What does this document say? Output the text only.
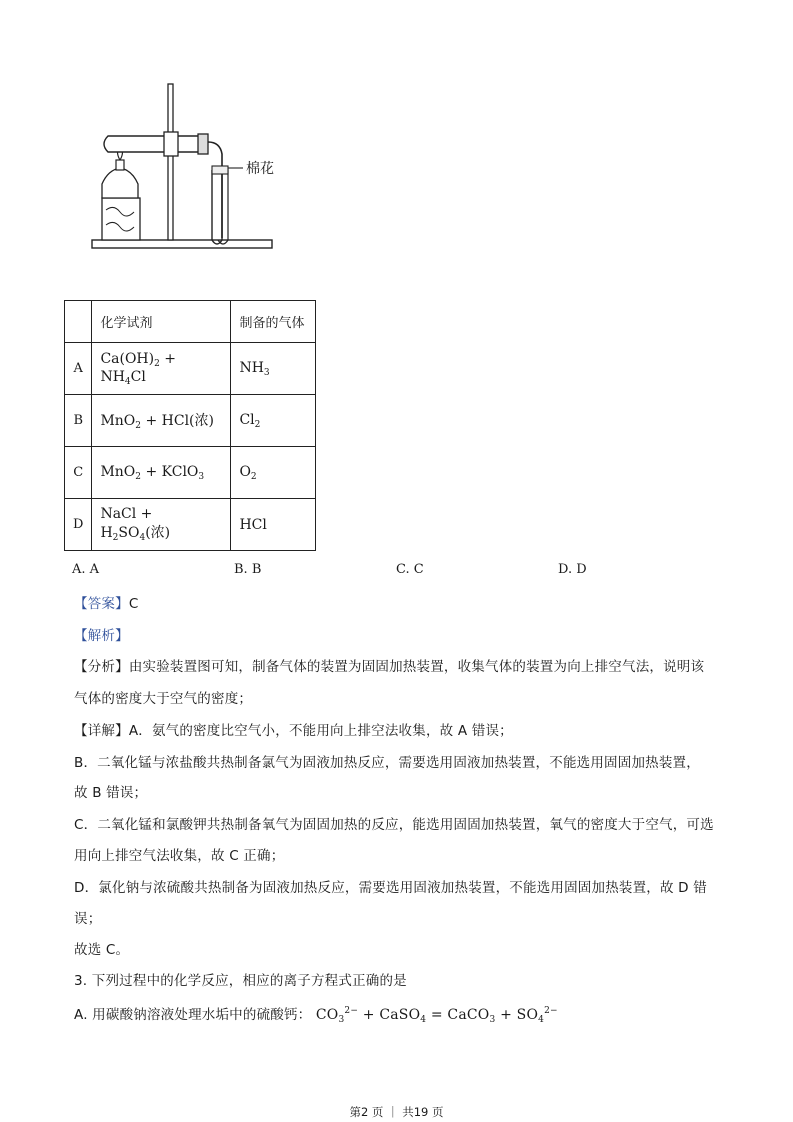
棉花
	化学试剂	制备的气体
A	$Ca(OH)_2 + NH_4Cl$	$NH_3$
B	MnO$_2$ + HCl(浓)	$Cl_2$
C	MnO$_2$ + KClO$_3$	$O_2$
D	NaCl + $H_2SO_4$(浓)	HCl
A. A	B. B	C. C	D. D
【答案】C
【解析】
【分析】由实验装置图可知，制备气体的装置为固固加热装置，收集气体的装置为向上排空气法，说明该
气体的密度大于空气的密度；
【详解】A．氨气的密度比空气小，不能用向上排空法收集，故 A 错误；
B．二氧化锰与浓盐酸共热制备氯气为固液加热反应，需要选用固液加热装置，不能选用固固加热装置，
故 B 错误；
C．二氧化锰和氯酸钾共热制备氧气为固固加热的反应，能选用固固加热装置，氧气的密度大于空气，可选
用向上排空气法收集，故 C 正确；
D．氯化钠与浓硫酸共热制备为固液加热反应，需要选用固液加热装置，不能选用固固加热装置，故 D 错
误；
故选 C。
3. 下列过程中的化学反应，相应的离子方程式正确的是
A. 用碳酸钠溶液处理水垢中的硫酸钙： $CO_3^{2-}$ + CaSO$_4$ = CaCO$_3$ + $SO_4^{2-}$
第2 页 ｜ 共19 页
